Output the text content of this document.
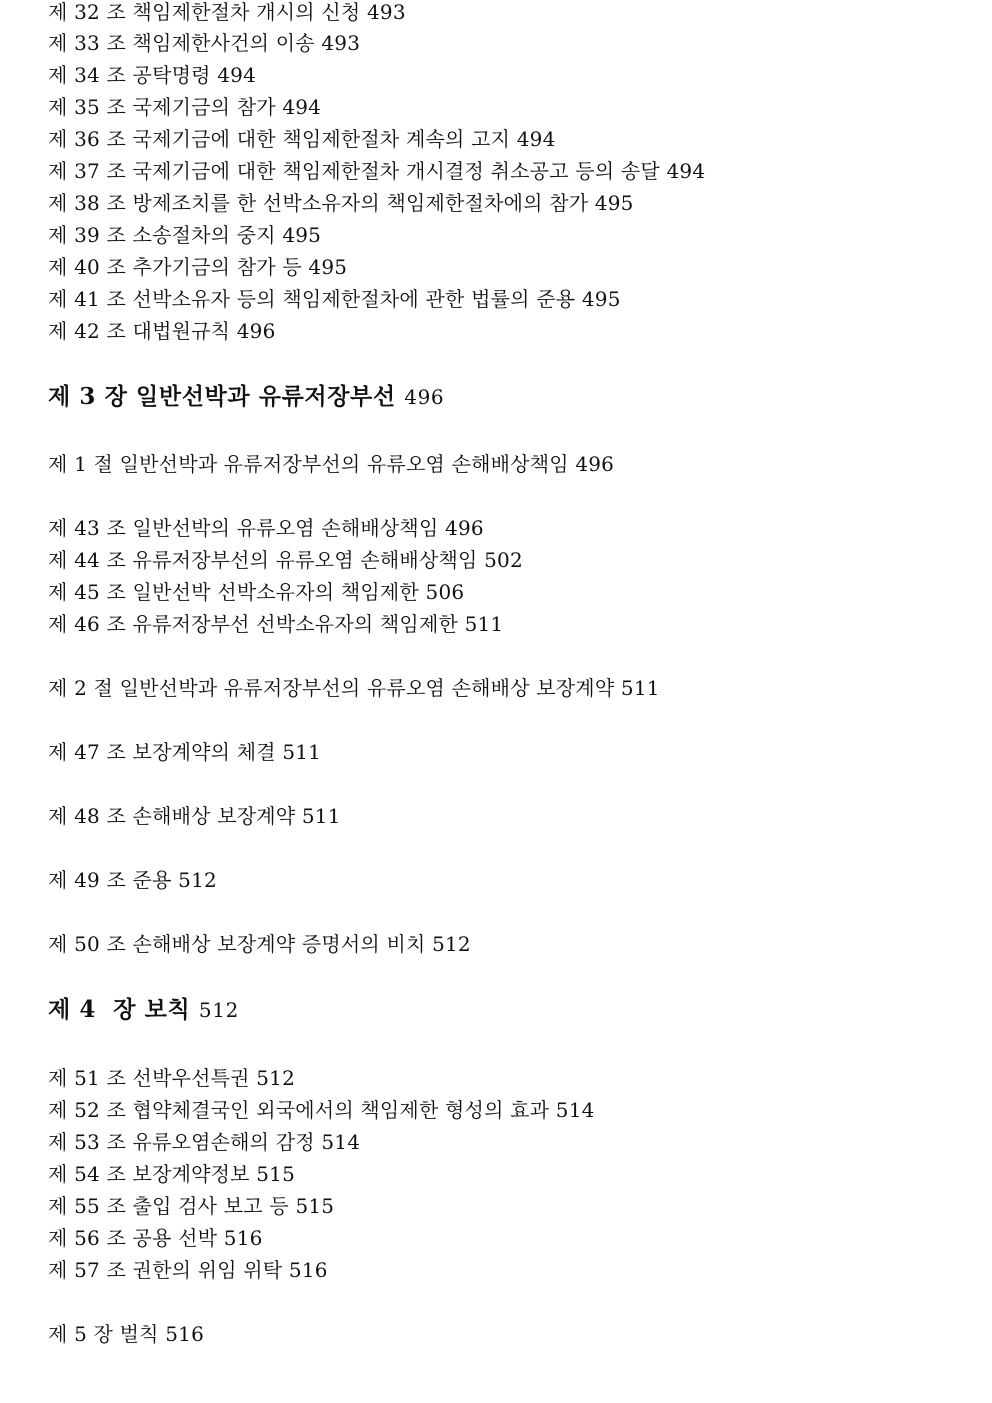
제 32 조 책임제한절차 개시의 신청 493
제 33 조 책임제한사건의 이송 493
제 34 조 공탁명령 494
제 35 조 국제기금의 참가 494
제 36 조 국제기금에 대한 책임제한절차 계속의 고지 494
제 37 조 국제기금에 대한 책임제한절차 개시결정 취소공고 등의 송달 494
제 38 조 방제조치를 한 선박소유자의 책임제한절차에의 참가 495
제 39 조 소송절차의 중지 495
제 40 조 추가기금의 참가 등 495
제 41 조 선박소유자 등의 책임제한절차에 관한 법률의 준용 495
제 42 조 대법원규칙 496
제 3 장 일반선박과 유류저장부선 496
제 1 절 일반선박과 유류저장부선의 유류오염 손해배상책임 496
제 43 조 일반선박의 유류오염 손해배상책임 496
제 44 조 유류저장부선의 유류오염 손해배상책임 502
제 45 조 일반선박 선박소유자의 책임제한 506
제 46 조 유류저장부선 선박소유자의 책임제한 511
제 2 절 일반선박과 유류저장부선의 유류오염 손해배상 보장계약 511
제 47 조 보장계약의 체결 511
제 48 조 손해배상 보장계약 511
제 49 조 준용 512
제 50 조 손해배상 보장계약 증명서의 비치 512
제 4  장 보칙 512
제 51 조 선박우선특권 512
제 52 조 협약체결국인 외국에서의 책임제한 형성의 효과 514
제 53 조 유류오염손해의 감정 514
제 54 조 보장계약정보 515
제 55 조 출입 검사 보고 등 515
제 56 조 공용 선박 516
제 57 조 권한의 위임 위탁 516
제 5 장 벌칙 516
